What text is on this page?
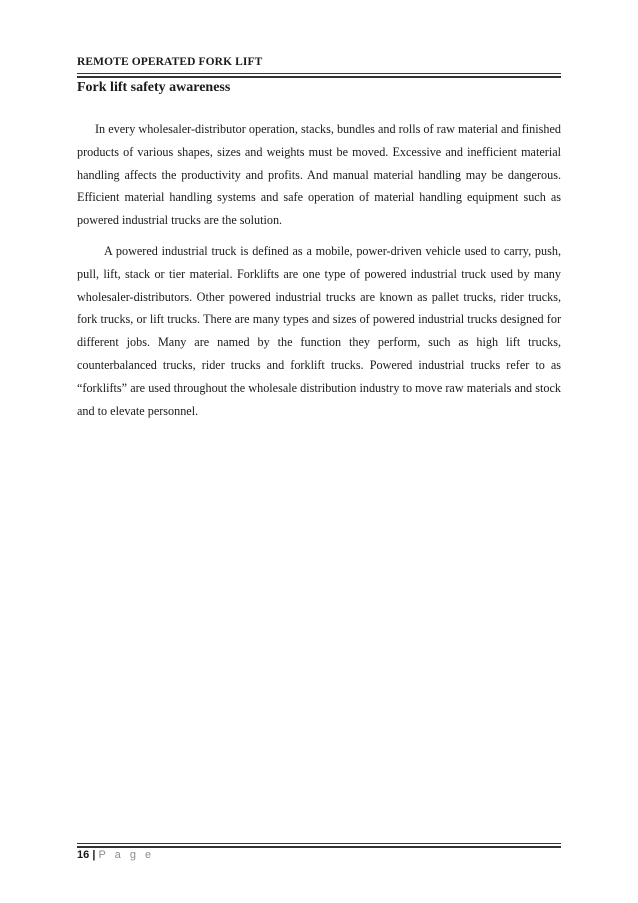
REMOTE OPERATED FORK LIFT
Fork lift safety awareness

In every wholesaler-distributor operation, stacks, bundles and rolls of raw material and finished products of various shapes, sizes and weights must be moved. Excessive and inefficient material handling affects the productivity and profits. And manual material handling may be dangerous. Efficient material handling systems and safe operation of material handling equipment such as powered industrial trucks are the solution.

A powered industrial truck is defined as a mobile, power-driven vehicle used to carry, push, pull, lift, stack or tier material. Forklifts are one type of powered industrial truck used by many wholesaler-distributors. Other powered industrial trucks are known as pallet trucks, rider trucks, fork trucks, or lift trucks. There are many types and sizes of powered industrial trucks designed for different jobs. Many are named by the function they perform, such as high lift trucks, counterbalanced trucks, rider trucks and forklift trucks. Powered industrial trucks refer to as “forklifts” are used throughout the wholesale distribution industry to move raw materials and stock and to elevate personnel.

16 | P a g e
